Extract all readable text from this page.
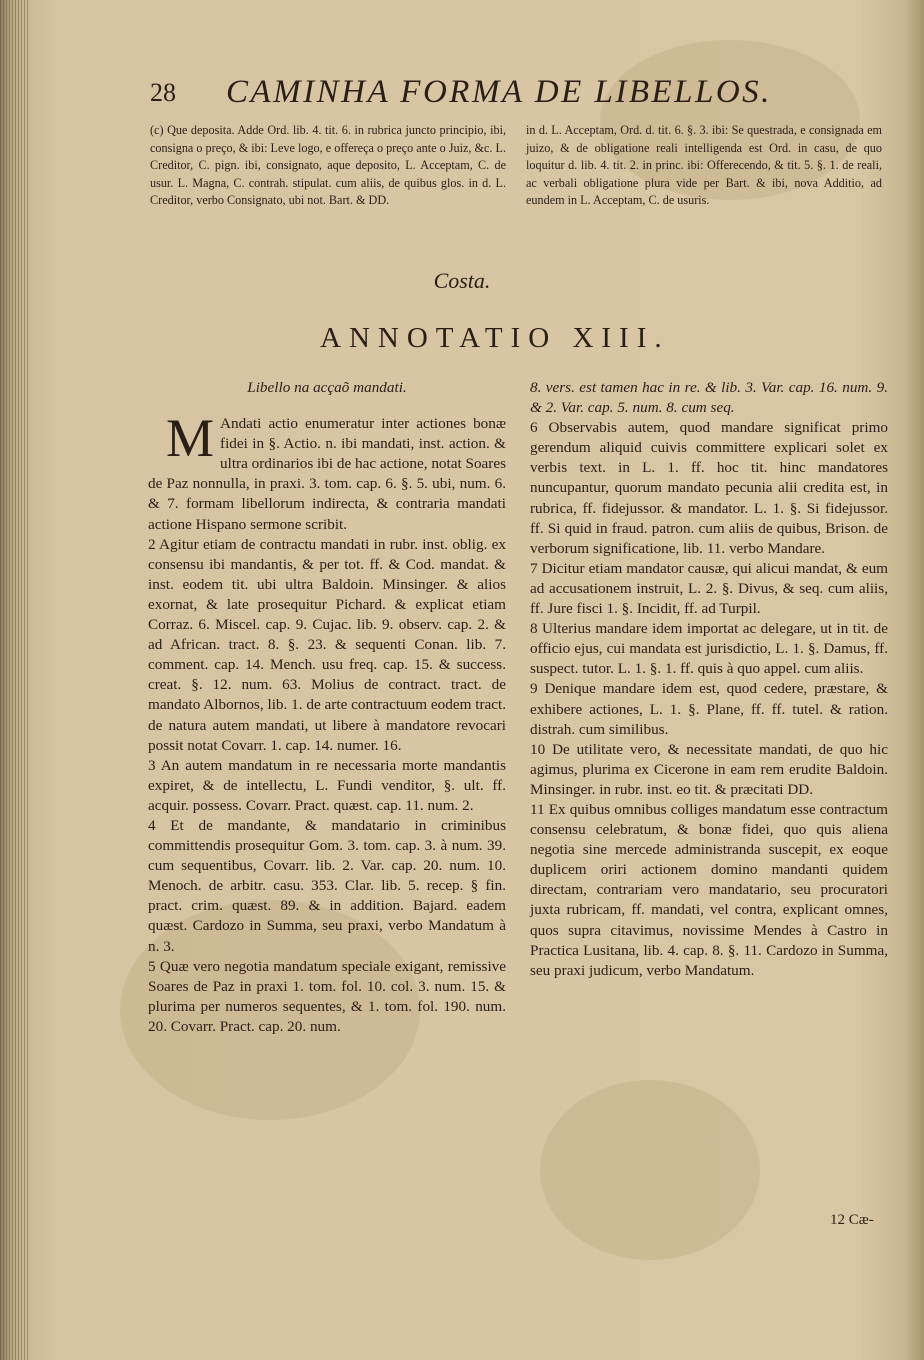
28 CAMINHA FORMA DE LIBELLOS.

(c) Que deposita. Adde Ord. lib. 4. tit. 6. in rubrica juncto principio, ibi, consigna o preço, & ibi: Leve logo, e offereça o preço ante o Juiz, &c. L. Creditor, C. pign. ibi, consignato, aque deposito, L. Acceptam, C. de usur. L. Magna, C. contrah. stipulat. cum aliis, de quibus glos. in d. L. Creditor, verbo Consignato, ubi not. Bart. & DD.

in d. L. Acceptam, Ord. d. tit. 6. §. 3. ibi: Se questrada, e consignada em juizo, & de obligatione reali intelligenda est Ord. in casu, de quo loquitur d. lib. 4. tit. 2. in princ. ibi: Offerecendo, & tit. 5. §. 1. de reali, ac verbali obligatione plura vide per Bart. & ibi, nova Additio, ad eundem in L. Acceptam, C. de usuris.

Costa.
ANNOTATIO XIII.

Libello na acçaõ mandati.

M Andati actio enumeratur inter actiones bonæ fidei in §. Actio. n. ibi mandati, inst. action. & ultra ordinarios ibi de hac actione, notat Soares de Paz nonnulla, in praxi. 3. tom. cap. 6. §. 5. ubi, num. 6. & 7. formam libellorum indirecta, & contraria mandati actione Hispano sermone scribit.

2 Agitur etiam de contractu mandati in rubr. inst. oblig. ex consensu ibi mandantis, & per tot. ff. & Cod. mandat. & inst. eodem tit. ubi ultra Baldoin. Minsinger. & alios exornat, & late prosequitur Pichard. & explicat etiam Corraz. 6. Miscel. cap. 9. Cujac. lib. 9. observ. cap. 2. & ad African. tract. 8. §. 23. & sequenti Conan. lib. 7. comment. cap. 14. Mench. usu freq. cap. 15. & success. creat. §. 12. num. 63. Molius de contract. tract. de mandato Albornos, lib. 1. de arte contractuum eodem tract. de natura autem mandati, ut libere à mandatore revocari possit notat Covarr. 1. cap. 14. numer. 16.

3 An autem mandatum in re necessaria morte mandantis expiret, & de intellectu, L. Fundi venditor, §. ult. ff. acquir. possess. Covarr. Pract. quæst. cap. 11. num. 2.

4 Et de mandante, & mandatario in criminibus committendis prosequitur Gom. 3. tom. cap. 3. à num. 39. cum sequentibus, Covarr. lib. 2. Var. cap. 20. num. 10. Menoch. de arbitr. casu. 353. Clar. lib. 5. recep. § fin. pract. crim. quæst. 89. & in addition. Bajard. eadem quæst. Cardozo in Summa, seu praxi, verbo Mandatum à n. 3.

5 Quæ vero negotia mandatum speciale exigant, remissive Soares de Paz in praxi 1. tom. fol. 10. col. 3. num. 15. & plurima per numeros sequentes, & 1. tom. fol. 190. num. 20. Covarr. Pract. cap. 20. num.

8. vers. est tamen hac in re. & lib. 3. Var. cap. 16. num. 9. & 2. Var. cap. 5. num. 8. cum seq.

6 Observabis autem, quod mandare significat primo gerendum aliquid cuivis committere explicari solet ex verbis text. in L. 1. ff. hoc tit. hinc mandatores nuncupantur, quorum mandato pecunia alii credita est, in rubrica, ff. fidejussor. & mandator. L. 1. §. Si fidejussor. ff. Si quid in fraud. patron. cum aliis de quibus, Brison. de verborum significatione, lib. 11. verbo Mandare.

7 Dicitur etiam mandator causæ, qui alicui mandat, & eum ad accusationem instruit, L. 2. §. Divus, & seq. cum aliis, ff. Jure fisci 1. §. Incidit, ff. ad Turpil.

8 Ulterius mandare idem importat ac delegare, ut in tit. de officio ejus, cui mandata est jurisdictio, L. 1. §. Damus, ff. suspect. tutor. L. 1. §. 1. ff. quis à quo appel. cum aliis.

9 Denique mandare idem est, quod cedere, præstare, & exhibere actiones, L. 1. §. Plane, ff. ff. tutel. & ration. distrah. cum similibus.

10 De utilitate vero, & necessitate mandati, de quo hic agimus, plurima ex Cicerone in eam rem erudite Baldoin. Minsinger. in rubr. inst. eo tit. & præcitati DD.

11 Ex quibus omnibus colliges mandatum esse contractum consensu celebratum, & bonæ fidei, quo quis aliena negotia sine mercede administranda suscepit, ex eoque duplicem oriri actionem domino mandanti quidem directam, contrariam vero mandatario, seu procuratori juxta rubricam, ff. mandati, vel contra, explicant omnes, quos supra citavimus, novissime Mendes à Castro in Practica Lusitana, lib. 4. cap. 8. §. 11. Cardozo in Summa, seu praxi judicum, verbo Mandatum.

12 Cæ-
